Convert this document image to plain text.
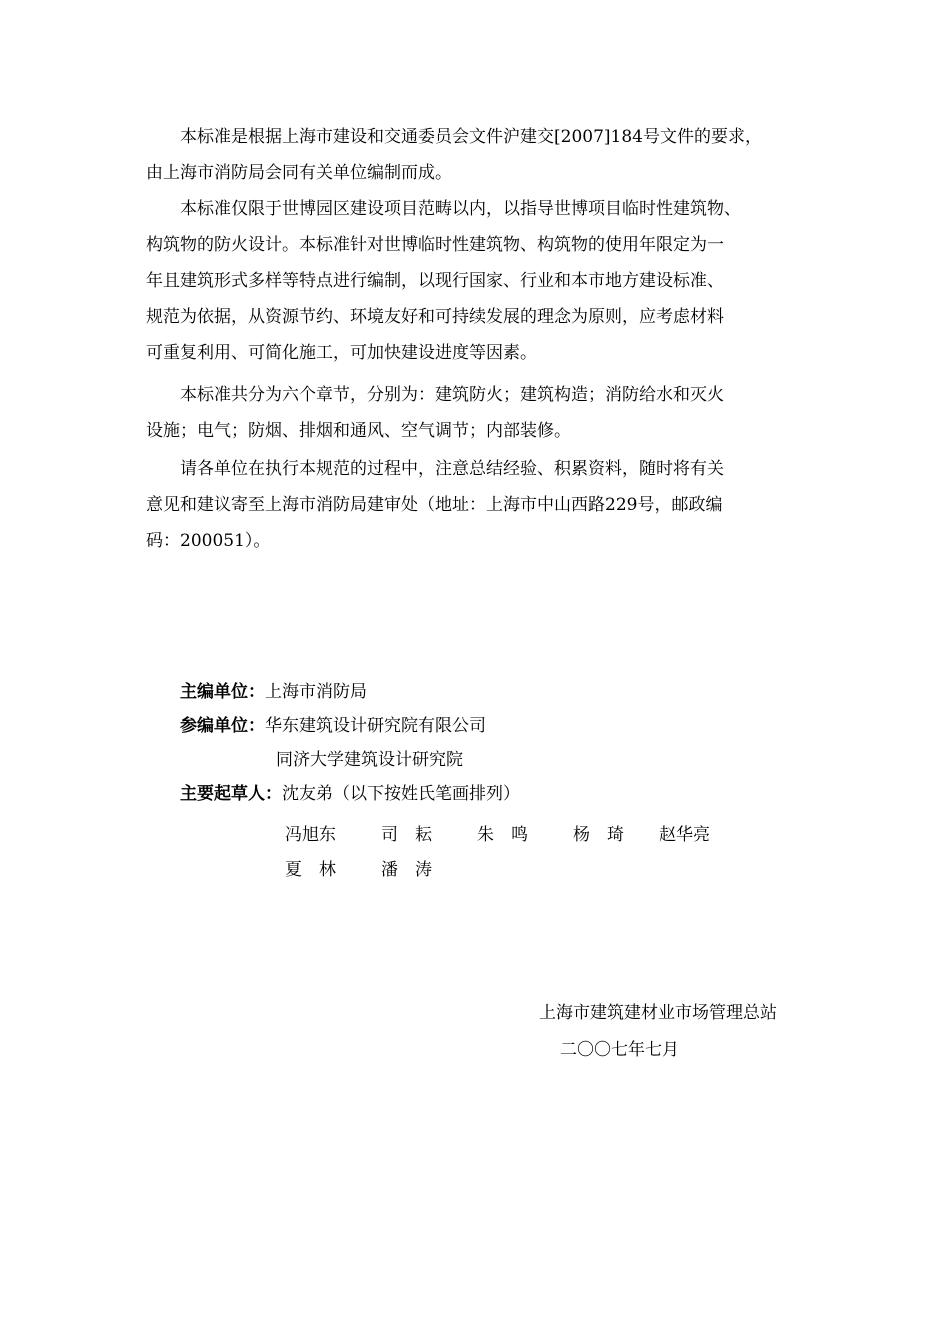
本标准是根据上海市建设和交通委员会文件沪建交[2007]184号文件的要求，
由上海市消防局会同有关单位编制而成。
本标准仅限于世博园区建设项目范畴以内，以指导世博项目临时性建筑物、
构筑物的防火设计。本标准针对世博临时性建筑物、构筑物的使用年限定为一
年且建筑形式多样等特点进行编制，以现行国家、行业和本市地方建设标准、
规范为依据，从资源节约、环境友好和可持续发展的理念为原则，应考虑材料
可重复利用、可简化施工，可加快建设进度等因素。
本标准共分为六个章节，分别为：建筑防火；建筑构造；消防给水和灭火
设施；电气；防烟、排烟和通风、空气调节；内部装修。
请各单位在执行本规范的过程中，注意总结经验、积累资料，随时将有关
意见和建议寄至上海市消防局建审处（地址：上海市中山西路229号，邮政编
码：200051）。
主编单位：上海市消防局
参编单位：华东建筑设计研究院有限公司
同济大学建筑设计研究院
主要起草人：沈友弟（以下按姓氏笔画排列）
冯旭东	司　耘	朱　鸣	杨　琦 赵华亮
夏　林	潘　涛
上海市建筑建材业市场管理总站
二〇〇七年七月
